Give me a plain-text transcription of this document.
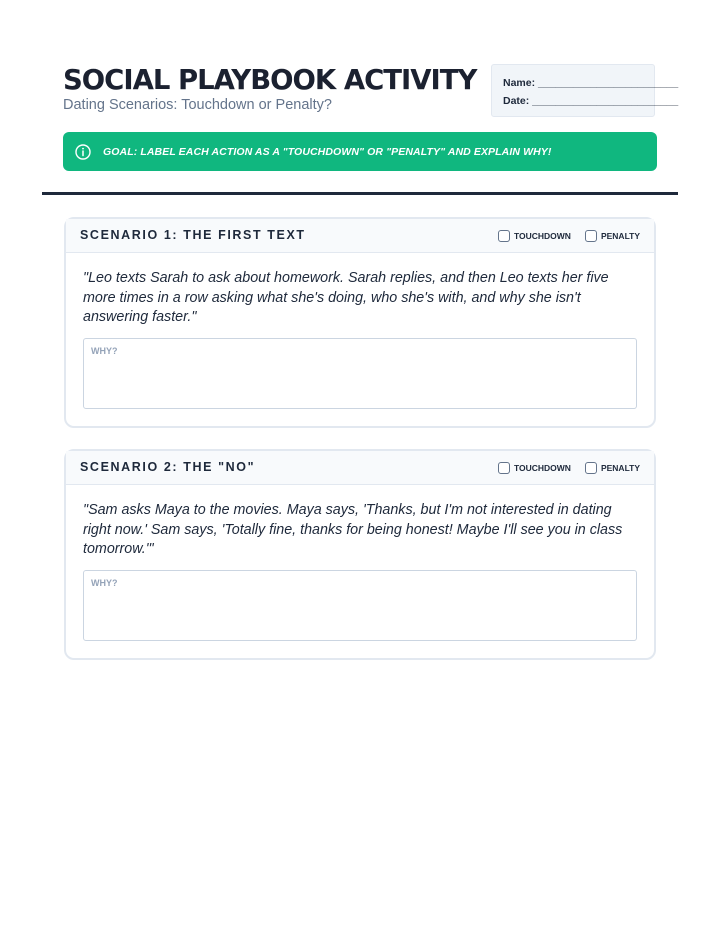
SOCIAL PLAYBOOK ACTIVITY
Dating Scenarios: Touchdown or Penalty?
Name: ________________________
Date: _________________________
GOAL: LABEL EACH ACTION AS A "TOUCHDOWN" OR "PENALTY" AND EXPLAIN WHY!
SCENARIO 1: THE FIRST TEXT	TOUCHDOWN	PENALTY
"Leo texts Sarah to ask about homework. Sarah replies, and then Leo texts her five more times in a row asking what she's doing, who she's with, and why she isn't answering faster."
WHY?
SCENARIO 2: THE "NO"	TOUCHDOWN	PENALTY
"Sam asks Maya to the movies. Maya says, 'Thanks, but I'm not interested in dating right now.' Sam says, 'Totally fine, thanks for being honest! Maybe I'll see you in class tomorrow.'"
WHY?
